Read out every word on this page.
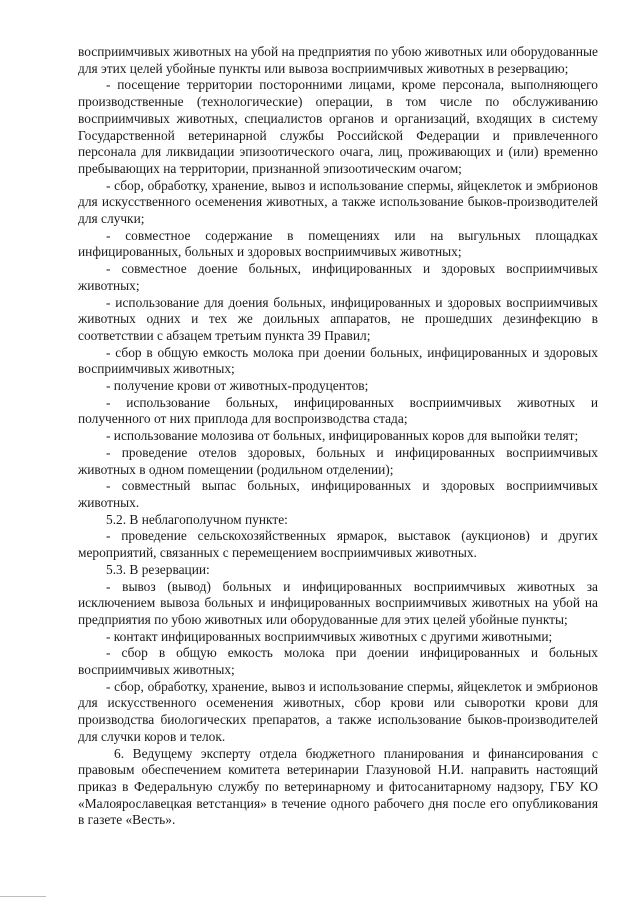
восприимчивых животных на убой на предприятия по убою животных или оборудованные для этих целей убойные пункты или вывоза восприимчивых животных в резервацию;

- посещение территории посторонними лицами, кроме персонала, выполняющего производственные (технологические) операции, в том числе по обслуживанию восприимчивых животных, специалистов органов и организаций, входящих в систему Государственной ветеринарной службы Российской Федерации и привлеченного персонала для ликвидации эпизоотического очага, лиц, проживающих и (или) временно пребывающих на территории, признанной эпизоотическим очагом;

- сбор, обработку, хранение, вывоз и использование спермы, яйцеклеток и эмбрионов для искусственного осеменения животных, а также использование быков-производителей для случки;

- совместное содержание в помещениях или на выгульных площадках инфицированных, больных и здоровых восприимчивых животных;

- совместное доение больных, инфицированных и здоровых восприимчивых животных;

- использование для доения больных, инфицированных и здоровых восприимчивых животных одних и тех же доильных аппаратов, не прошедших дезинфекцию в соответствии с абзацем третьим пункта 39 Правил;

- сбор в общую емкость молока при доении больных, инфицированных и здоровых восприимчивых животных;

- получение крови от животных-продуцентов;

- использование больных, инфицированных восприимчивых животных и полученного от них приплода для воспроизводства стада;

- использование молозива от больных, инфицированных коров для выпойки телят;

- проведение отелов здоровых, больных и инфицированных восприимчивых животных в одном помещении (родильном отделении);

- совместный выпас больных, инфицированных и здоровых восприимчивых животных.

5.2. В неблагополучном пункте:

- проведение сельскохозяйственных ярмарок, выставок (аукционов) и других мероприятий, связанных с перемещением восприимчивых животных.

5.3. В резервации:

- вывоз (вывод) больных и инфицированных восприимчивых животных за исключением вывоза больных и инфицированных восприимчивых животных на убой на предприятия по убою животных или оборудованные для этих целей убойные пункты;

- контакт инфицированных восприимчивых животных с другими животными;

- сбор в общую емкость молока при доении инфицированных и больных восприимчивых животных;

- сбор, обработку, хранение, вывоз и использование спермы, яйцеклеток и эмбрионов для искусственного осеменения животных, сбор крови или сыворотки крови для производства биологических препаратов, а также использование быков-производителей для случки коров и телок.

6. Ведущему эксперту отдела бюджетного планирования и финансирования с правовым обеспечением комитета ветеринарии Глазуновой Н.И. направить настоящий приказ в Федеральную службу по ветеринарному и фитосанитарному надзору, ГБУ КО «Малоярославецкая ветстанция» в течение одного рабочего дня после его опубликования в газете «Весть».
